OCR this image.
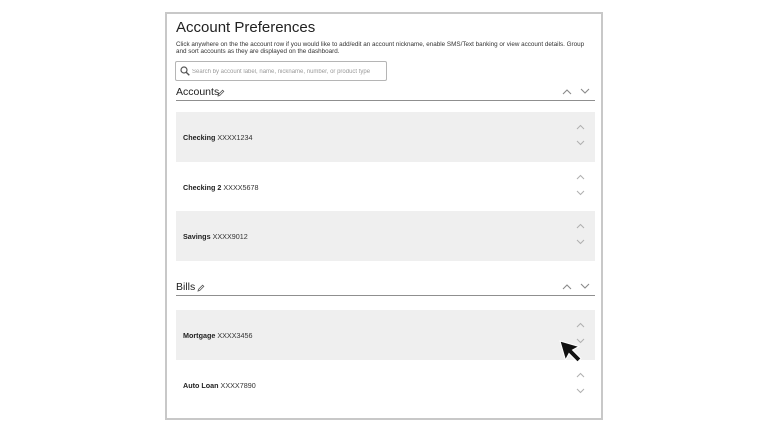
Account Preferences
Click anywhere on the the account row if you would like to add/edit an account nickname, enable SMS/Text banking or view account details. Group and sort accounts as they are displayed on the dashboard.
Search by account label, name, nickname, number, or product type
Accounts
Checking XXXX1234
Checking 2 XXXX5678
Savings XXXX9012
Bills
Mortgage XXXX3456
Auto Loan XXXX7890
